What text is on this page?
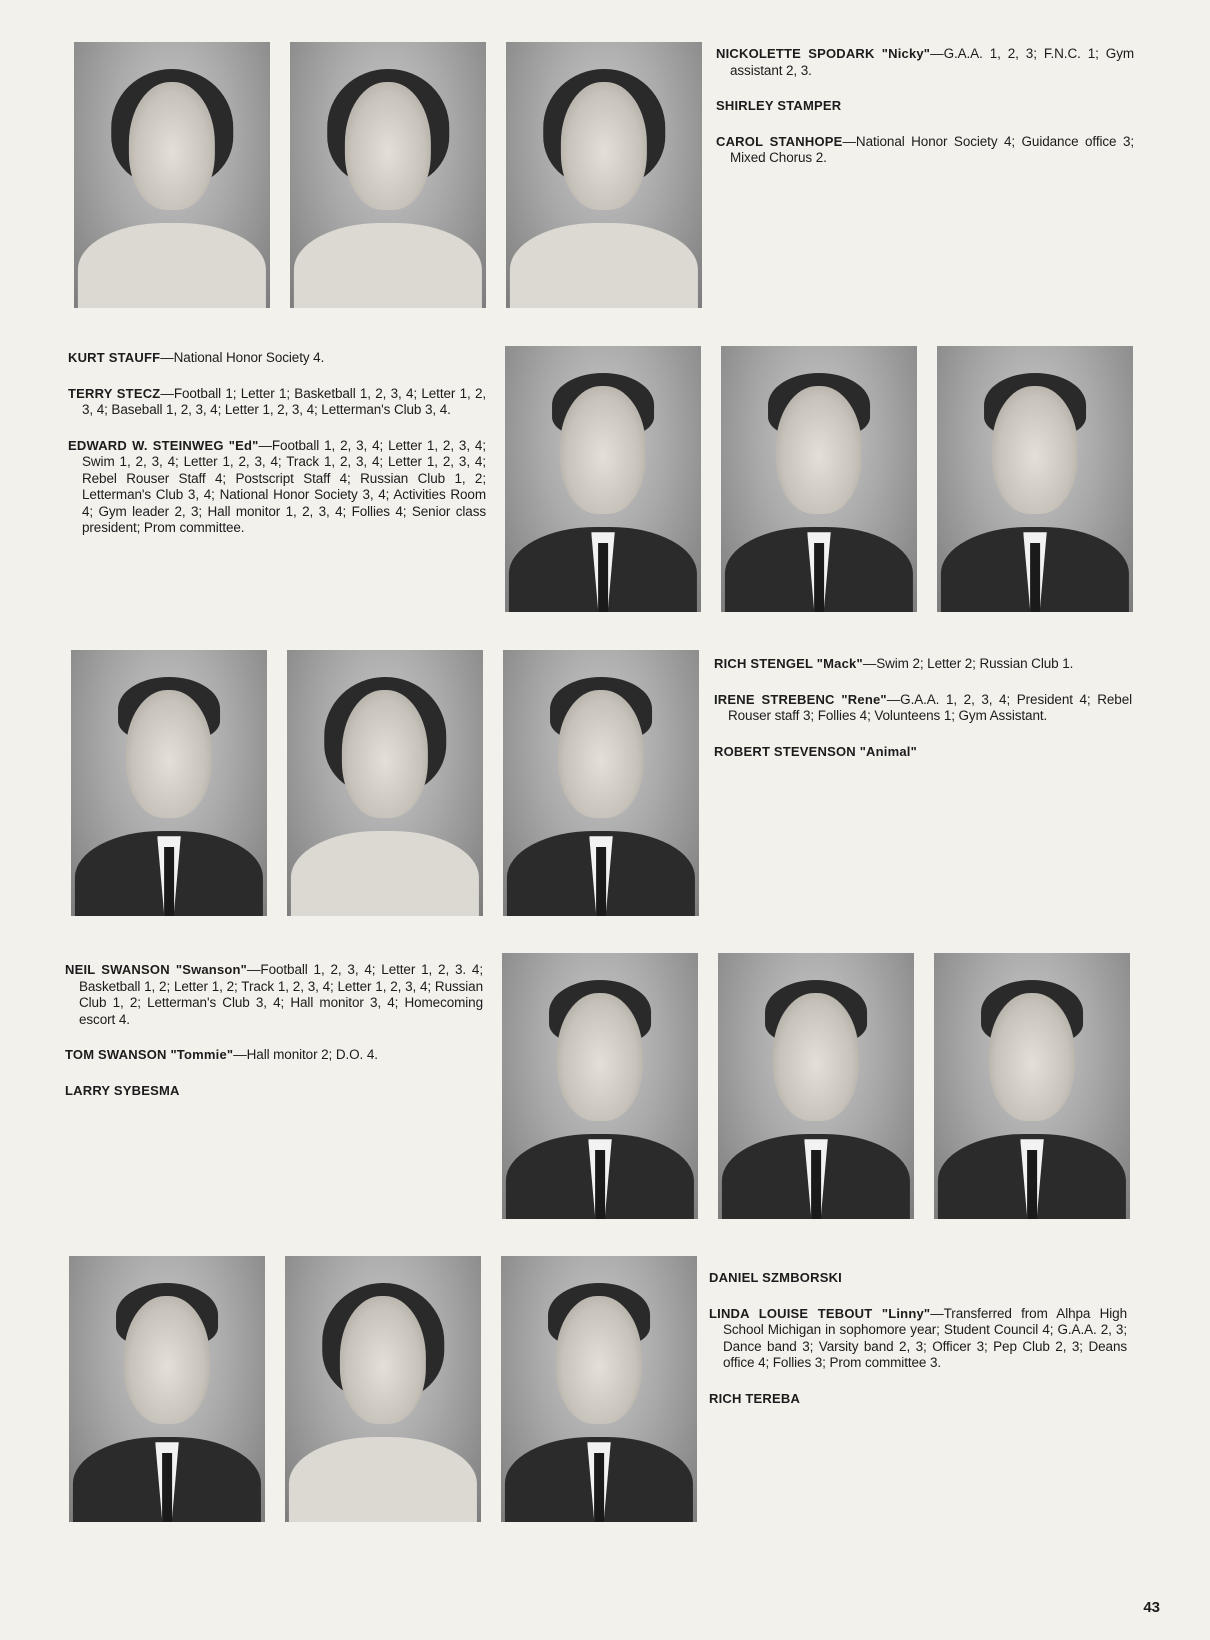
NICKOLETTE SPODARK "Nicky"—G.A.A. 1, 2, 3; F.N.C. 1; Gym assistant 2, 3.

SHIRLEY STAMPER

CAROL STANHOPE—National Honor Society 4; Guidance office 3; Mixed Chorus 2.

KURT STAUFF—National Honor Society 4.

TERRY STECZ—Football 1; Letter 1; Basketball 1, 2, 3, 4; Letter 1, 2, 3, 4; Baseball 1, 2, 3, 4; Letter 1, 2, 3, 4; Letterman's Club 3, 4.

EDWARD W. STEINWEG "Ed"—Football 1, 2, 3, 4; Letter 1, 2, 3, 4; Swim 1, 2, 3, 4; Letter 1, 2, 3, 4; Track 1, 2, 3, 4; Letter 1, 2, 3, 4; Rebel Rouser Staff 4; Postscript Staff 4; Russian Club 1, 2; Letterman's Club 3, 4; National Honor Society 3, 4; Activities Room 4; Gym leader 2, 3; Hall monitor 1, 2, 3, 4; Follies 4; Senior class president; Prom committee.

RICH STENGEL "Mack"—Swim 2; Letter 2; Russian Club 1.

IRENE STREBENC "Rene"—G.A.A. 1, 2, 3, 4; President 4; Rebel Rouser staff 3; Follies 4; Volunteens 1; Gym Assistant.

ROBERT STEVENSON "Animal"

NEIL SWANSON "Swanson"—Football 1, 2, 3, 4; Letter 1, 2, 3. 4; Basketball 1, 2; Letter 1, 2; Track 1, 2, 3, 4; Letter 1, 2, 3, 4; Russian Club 1, 2; Letterman's Club 3, 4; Hall monitor 3, 4; Homecoming escort 4.

TOM SWANSON "Tommie"—Hall monitor 2; D.O. 4.

LARRY SYBESMA

DANIEL SZMBORSKI

LINDA LOUISE TEBOUT "Linny"—Transferred from Alhpa High School Michigan in sophomore year; Student Council 4; G.A.A. 2, 3; Dance band 3; Varsity band 2, 3; Officer 3; Pep Club 2, 3; Deans office 4; Follies 3; Prom committee 3.

RICH TEREBA

43
